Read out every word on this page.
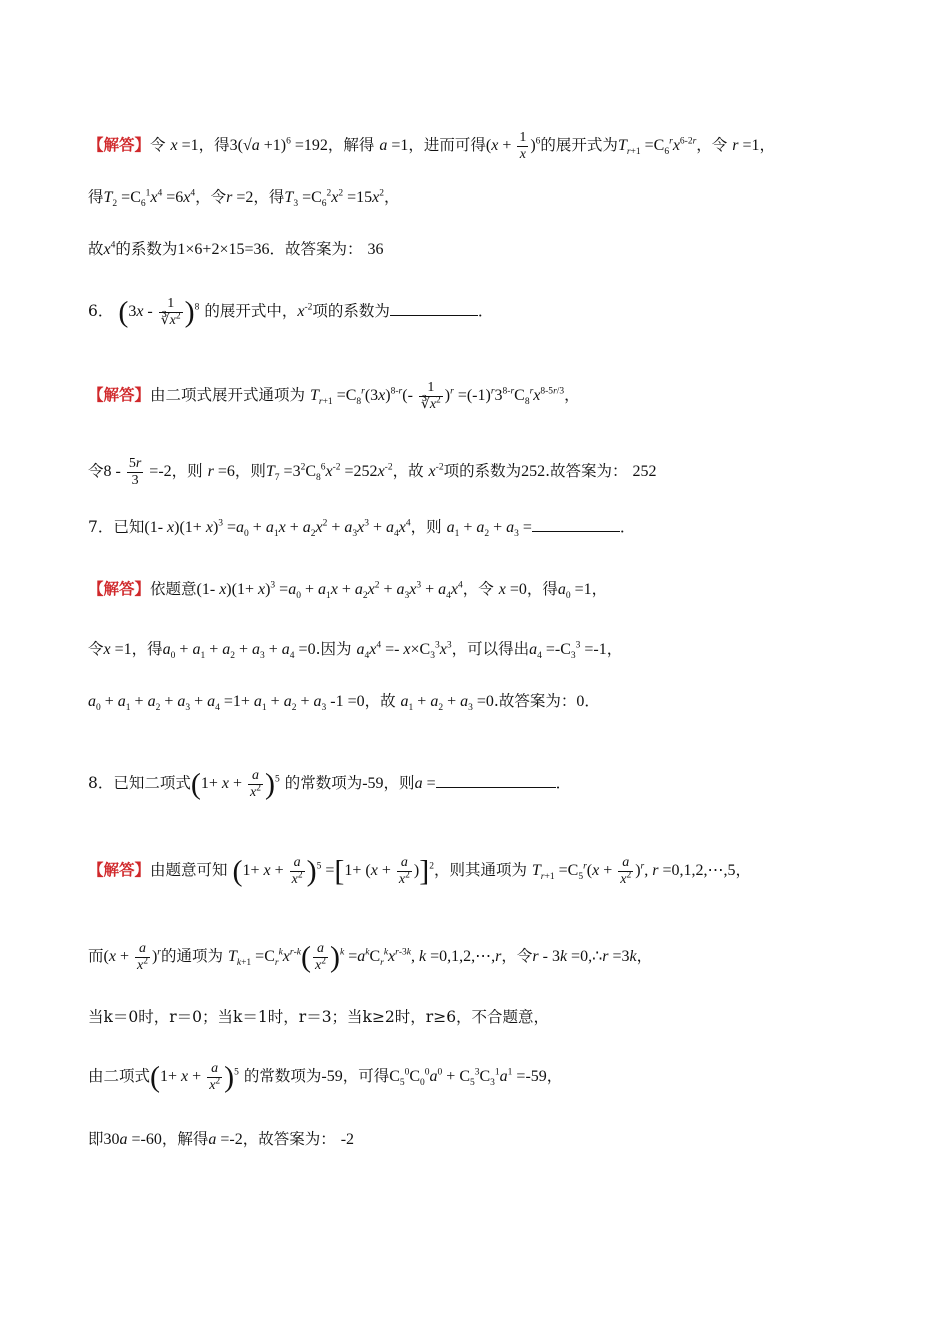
【解答】令 x =1，得$3(√a +1)^6 =192$，解得 a =1，进而可得$(x + \frac{1}{x} )^6$的展开式为$T_{r+1} =C_6^rx^{6-2r}$，令 r =1，
得$T_2 =C_6^1x^4 =6x^4$，令r =2，得$T_3 =C_6^2x^2 =15x^2$，
故$x^4$的系数为1×6+2×15=36．故答案为： 36
6． $(3x - \frac{1}{∛x^2} )^8$ 的展开式中，$x^{-2}$项的系数为	．
【解答】由二项式展开式通项为 $T_{r+1} =C_8^r(3x)^{8-r}(- \frac{1}{∛x^2} )^r =(-1)^r3^{8-r}C_8^rx^{8-5r/3}$，
令$8 - \frac{5r}{3} =-2$，则 r =6，则$T_7 =3^2C_8^6x^{-2} =252x^{-2}$，故 $x^{-2}$项的系数为252.故答案为： 252
7．已知(1- $x)(1+ x)^3 =a_0 + a_1x + a_2x^2 + a_3x^3 + a_4x^4$，则 $a_1 + a_2 + a_3$ =	．
【解答】依题意(1- $x)(1+ x)^3 =a_0 + a_1x + a_2x^2 + a_3x^3 + a_4x^4$，令 x =0，得$a_0 =1$，
令x =1，得$a_0 + a_1 + a_2 + a_3 + a_4 =0$.因为 $a_4x^4 =- x\times C_3^3x^3$，可以得出$a_4 =-C_3^3 =-1$，
$a_0 + a_1 + a_2 + a_3 + a_4 =1+ a_1 + a_2 + a_3$ -1 =0，故 $a_1 + a_2 + a_3 =0$.故答案为：0．
8．已知二项式$(1+ x + \frac{a}{x^2} )^5$ 的常数项为-59，则a =	．
【解答】由题意可知 $(1+ x + \frac{a}{x^2} )^5 =[1+ (x + \frac{a}{x^2} )]^2$，则其通项为 $T_{r+1} =C_5^r(x + \frac{a}{x^2} )^r$, r =0,1,2,⋯,5，
而$(x + \frac{a}{x^2} )^r$的通项为 $T_{k+1} =C_r^kx^{r-k}( \frac{a}{x^2} )^k =a^kC_r^kx^{r-3k}$, k =0,1,2,⋯,r，令r - 3k =0,∴r =3k，
当k＝0时，r＝0；当k＝1时，r＝3；当k≥2时，r≥6，不合题意，
由二项式$(1+ x + \frac{a}{x^2} )^5$ 的常数项为-59，可得$C_5^0C_0^0a^0 + C_5^3C_3^1a^1 =-59$，
即30a =-60，解得a =-2，故答案为： -2
